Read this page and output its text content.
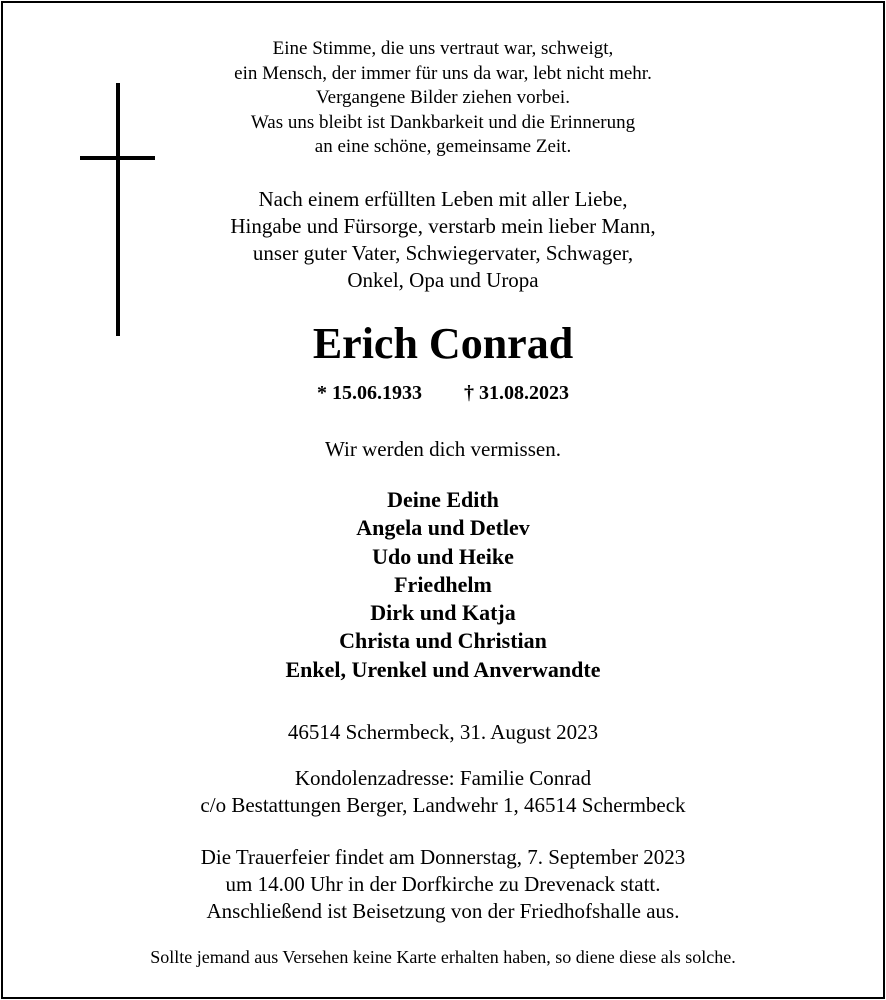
Eine Stimme, die uns vertraut war, schweigt,
ein Mensch, der immer für uns da war, lebt nicht mehr.
Vergangene Bilder ziehen vorbei.
Was uns bleibt ist Dankbarkeit und die Erinnerung
an eine schöne, gemeinsame Zeit.
Nach einem erfüllten Leben mit aller Liebe,
Hingabe und Fürsorge, verstarb mein lieber Mann,
unser guter Vater, Schwiegervater, Schwager,
Onkel, Opa und Uropa
Erich Conrad
* 15.06.1933 † 31.08.2023
Wir werden dich vermissen.
Deine Edith
Angela und Detlev
Udo und Heike
Friedhelm
Dirk und Katja
Christa und Christian
Enkel, Urenkel und Anverwandte
46514 Schermbeck, 31. August 2023
Kondolenzadresse: Familie Conrad
c/o Bestattungen Berger, Landwehr 1, 46514 Schermbeck
Die Trauerfeier findet am Donnerstag, 7. September 2023
um 14.00 Uhr in der Dorfkirche zu Drevenack statt.
Anschließend ist Beisetzung von der Friedhofshalle aus.
Sollte jemand aus Versehen keine Karte erhalten haben, so diene diese als solche.
